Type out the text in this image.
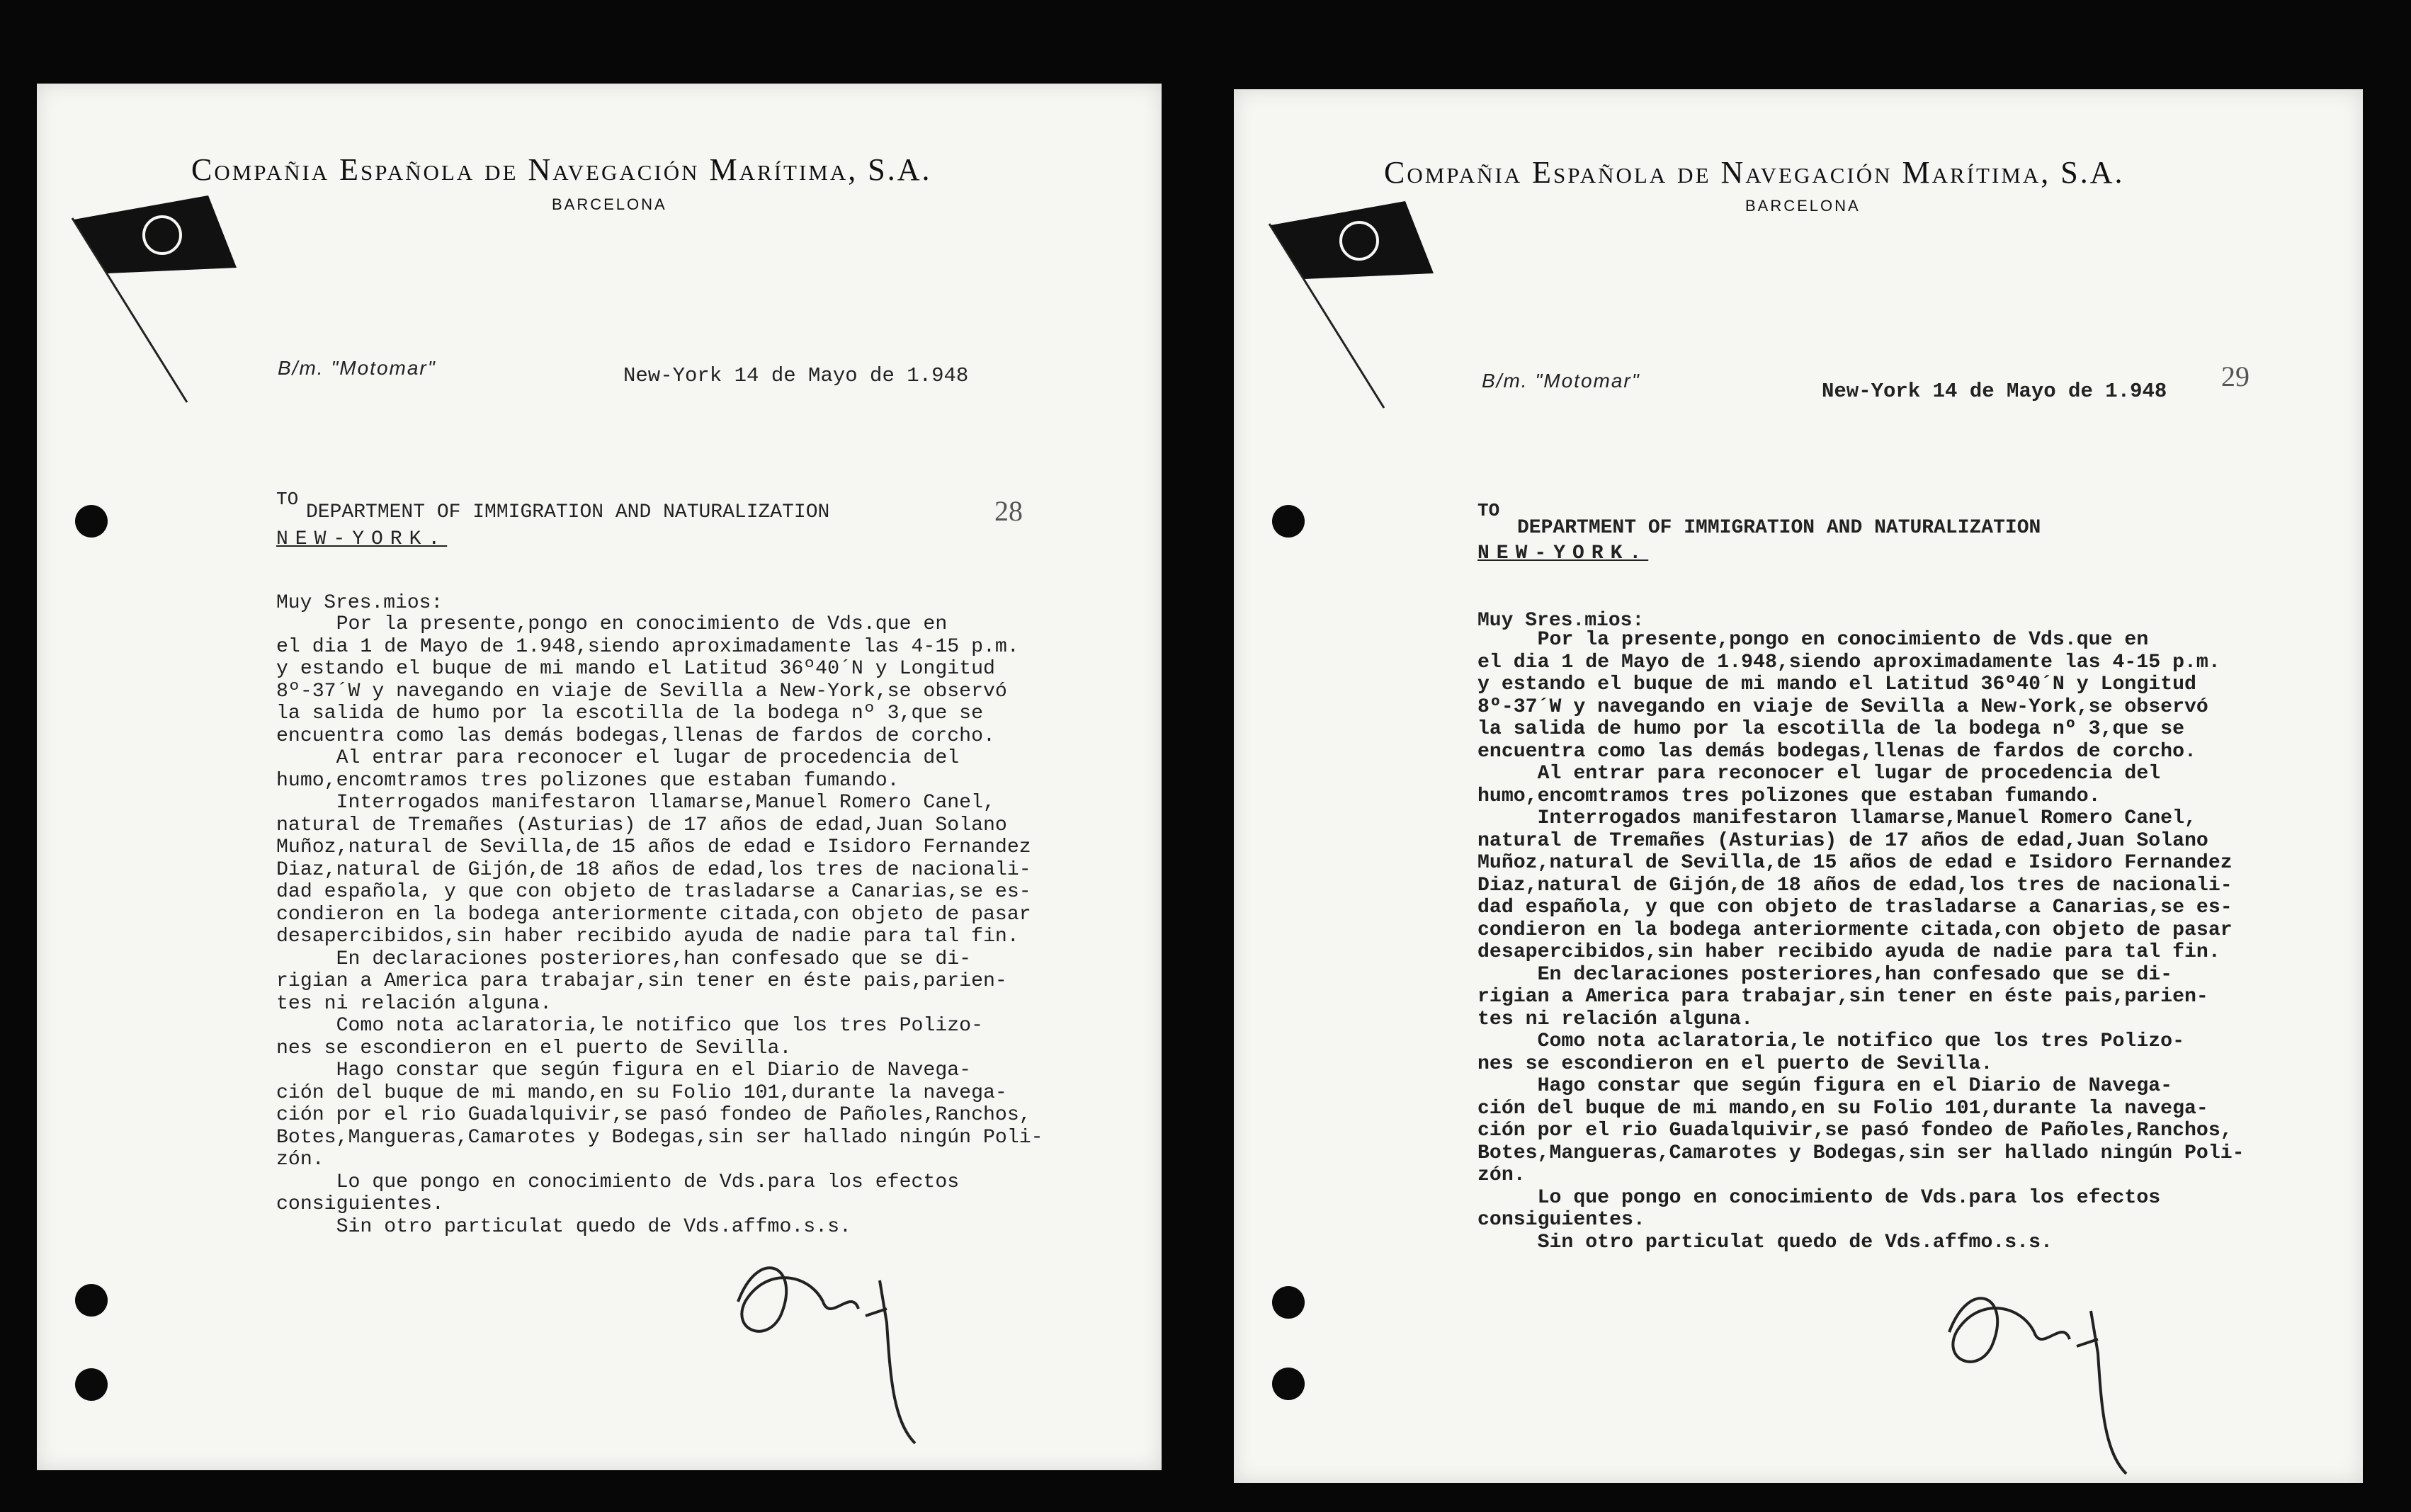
Compañia Española de Navegación Marítima, S.A.
BARCELONA
B/m. "Motomar"	New-York 14 de Mayo de 1.948
28
TO
DEPARTMENT OF IMMIGRATION AND NATURALIZATION
NEW-YORK.
Muy Sres.mios:

Por la presente,pongo en conocimiento de Vds.que en

el dia 1 de Mayo de 1.948,siendo aproximadamente las 4-15 p.m.

y estando el buque de mi mando el Latitud 36º40´N y Longitud

8º-37´W y navegando en viaje de Sevilla a New-York,se observó

la salida de humo por la escotilla de la bodega nº 3,que se

encuentra como las demás bodegas,llenas de fardos de corcho.

Al entrar para reconocer el lugar de procedencia del

humo,encomtramos tres polizones que estaban fumando.

Interrogados manifestaron llamarse,Manuel Romero Canel,

natural de Tremañes (Asturias) de 17 años de edad,Juan Solano

Muñoz,natural de Sevilla,de 15 años de edad e Isidoro Fernandez

Diaz,natural de Gijón,de 18 años de edad,los tres de nacionali-

dad española, y que con objeto de trasladarse a Canarias,se es-

condieron en la bodega anteriormente citada,con objeto de pasar

desapercibidos,sin haber recibido ayuda de nadie para tal fin.

En declaraciones posteriores,han confesado que se di-

rigian a America para trabajar,sin tener en éste pais,parien-

tes ni relación alguna.

Como nota aclaratoria,le notifico que los tres Polizo-

nes se escondieron en el puerto de Sevilla.

Hago constar que según figura en el Diario de Navega-

ción del buque de mi mando,en su Folio 101,durante la navega-

ción por el rio Guadalquivir,se pasó fondeo de Pañoles,Ranchos,

Botes,Mangueras,Camarotes y Bodegas,sin ser hallado ningún Poli-

zón.

Lo que pongo en conocimiento de Vds.para los efectos

consiguientes.

Sin otro particulat quedo de Vds.affmo.s.s.

Compañia Española de Navegación Marítima, S.A.
BARCELONA
B/m. "Motomar"	New-York 14 de Mayo de 1.948 29
TO
DEPARTMENT OF IMMIGRATION AND NATURALIZATION
NEW-YORK.
Muy Sres.mios:

Por la presente,pongo en conocimiento de Vds.que en

el dia 1 de Mayo de 1.948,siendo aproximadamente las 4-15 p.m.

y estando el buque de mi mando el Latitud 36º40´N y Longitud

8º-37´W y navegando en viaje de Sevilla a New-York,se observó

la salida de humo por la escotilla de la bodega nº 3,que se

encuentra como las demás bodegas,llenas de fardos de corcho.

Al entrar para reconocer el lugar de procedencia del

humo,encomtramos tres polizones que estaban fumando.

Interrogados manifestaron llamarse,Manuel Romero Canel,

natural de Tremañes (Asturias) de 17 años de edad,Juan Solano

Muñoz,natural de Sevilla,de 15 años de edad e Isidoro Fernandez

Diaz,natural de Gijón,de 18 años de edad,los tres de nacionali-

dad española, y que con objeto de trasladarse a Canarias,se es-

condieron en la bodega anteriormente citada,con objeto de pasar

desapercibidos,sin haber recibido ayuda de nadie para tal fin.

En declaraciones posteriores,han confesado que se di-

rigian a America para trabajar,sin tener en éste pais,parien-

tes ni relación alguna.

Como nota aclaratoria,le notifico que los tres Polizo-

nes se escondieron en el puerto de Sevilla.

Hago constar que según figura en el Diario de Navega-

ción del buque de mi mando,en su Folio 101,durante la navega-

ción por el rio Guadalquivir,se pasó fondeo de Pañoles,Ranchos,

Botes,Mangueras,Camarotes y Bodegas,sin ser hallado ningún Poli-

zón.

Lo que pongo en conocimiento de Vds.para los efectos

consiguientes.

Sin otro particulat quedo de Vds.affmo.s.s.
